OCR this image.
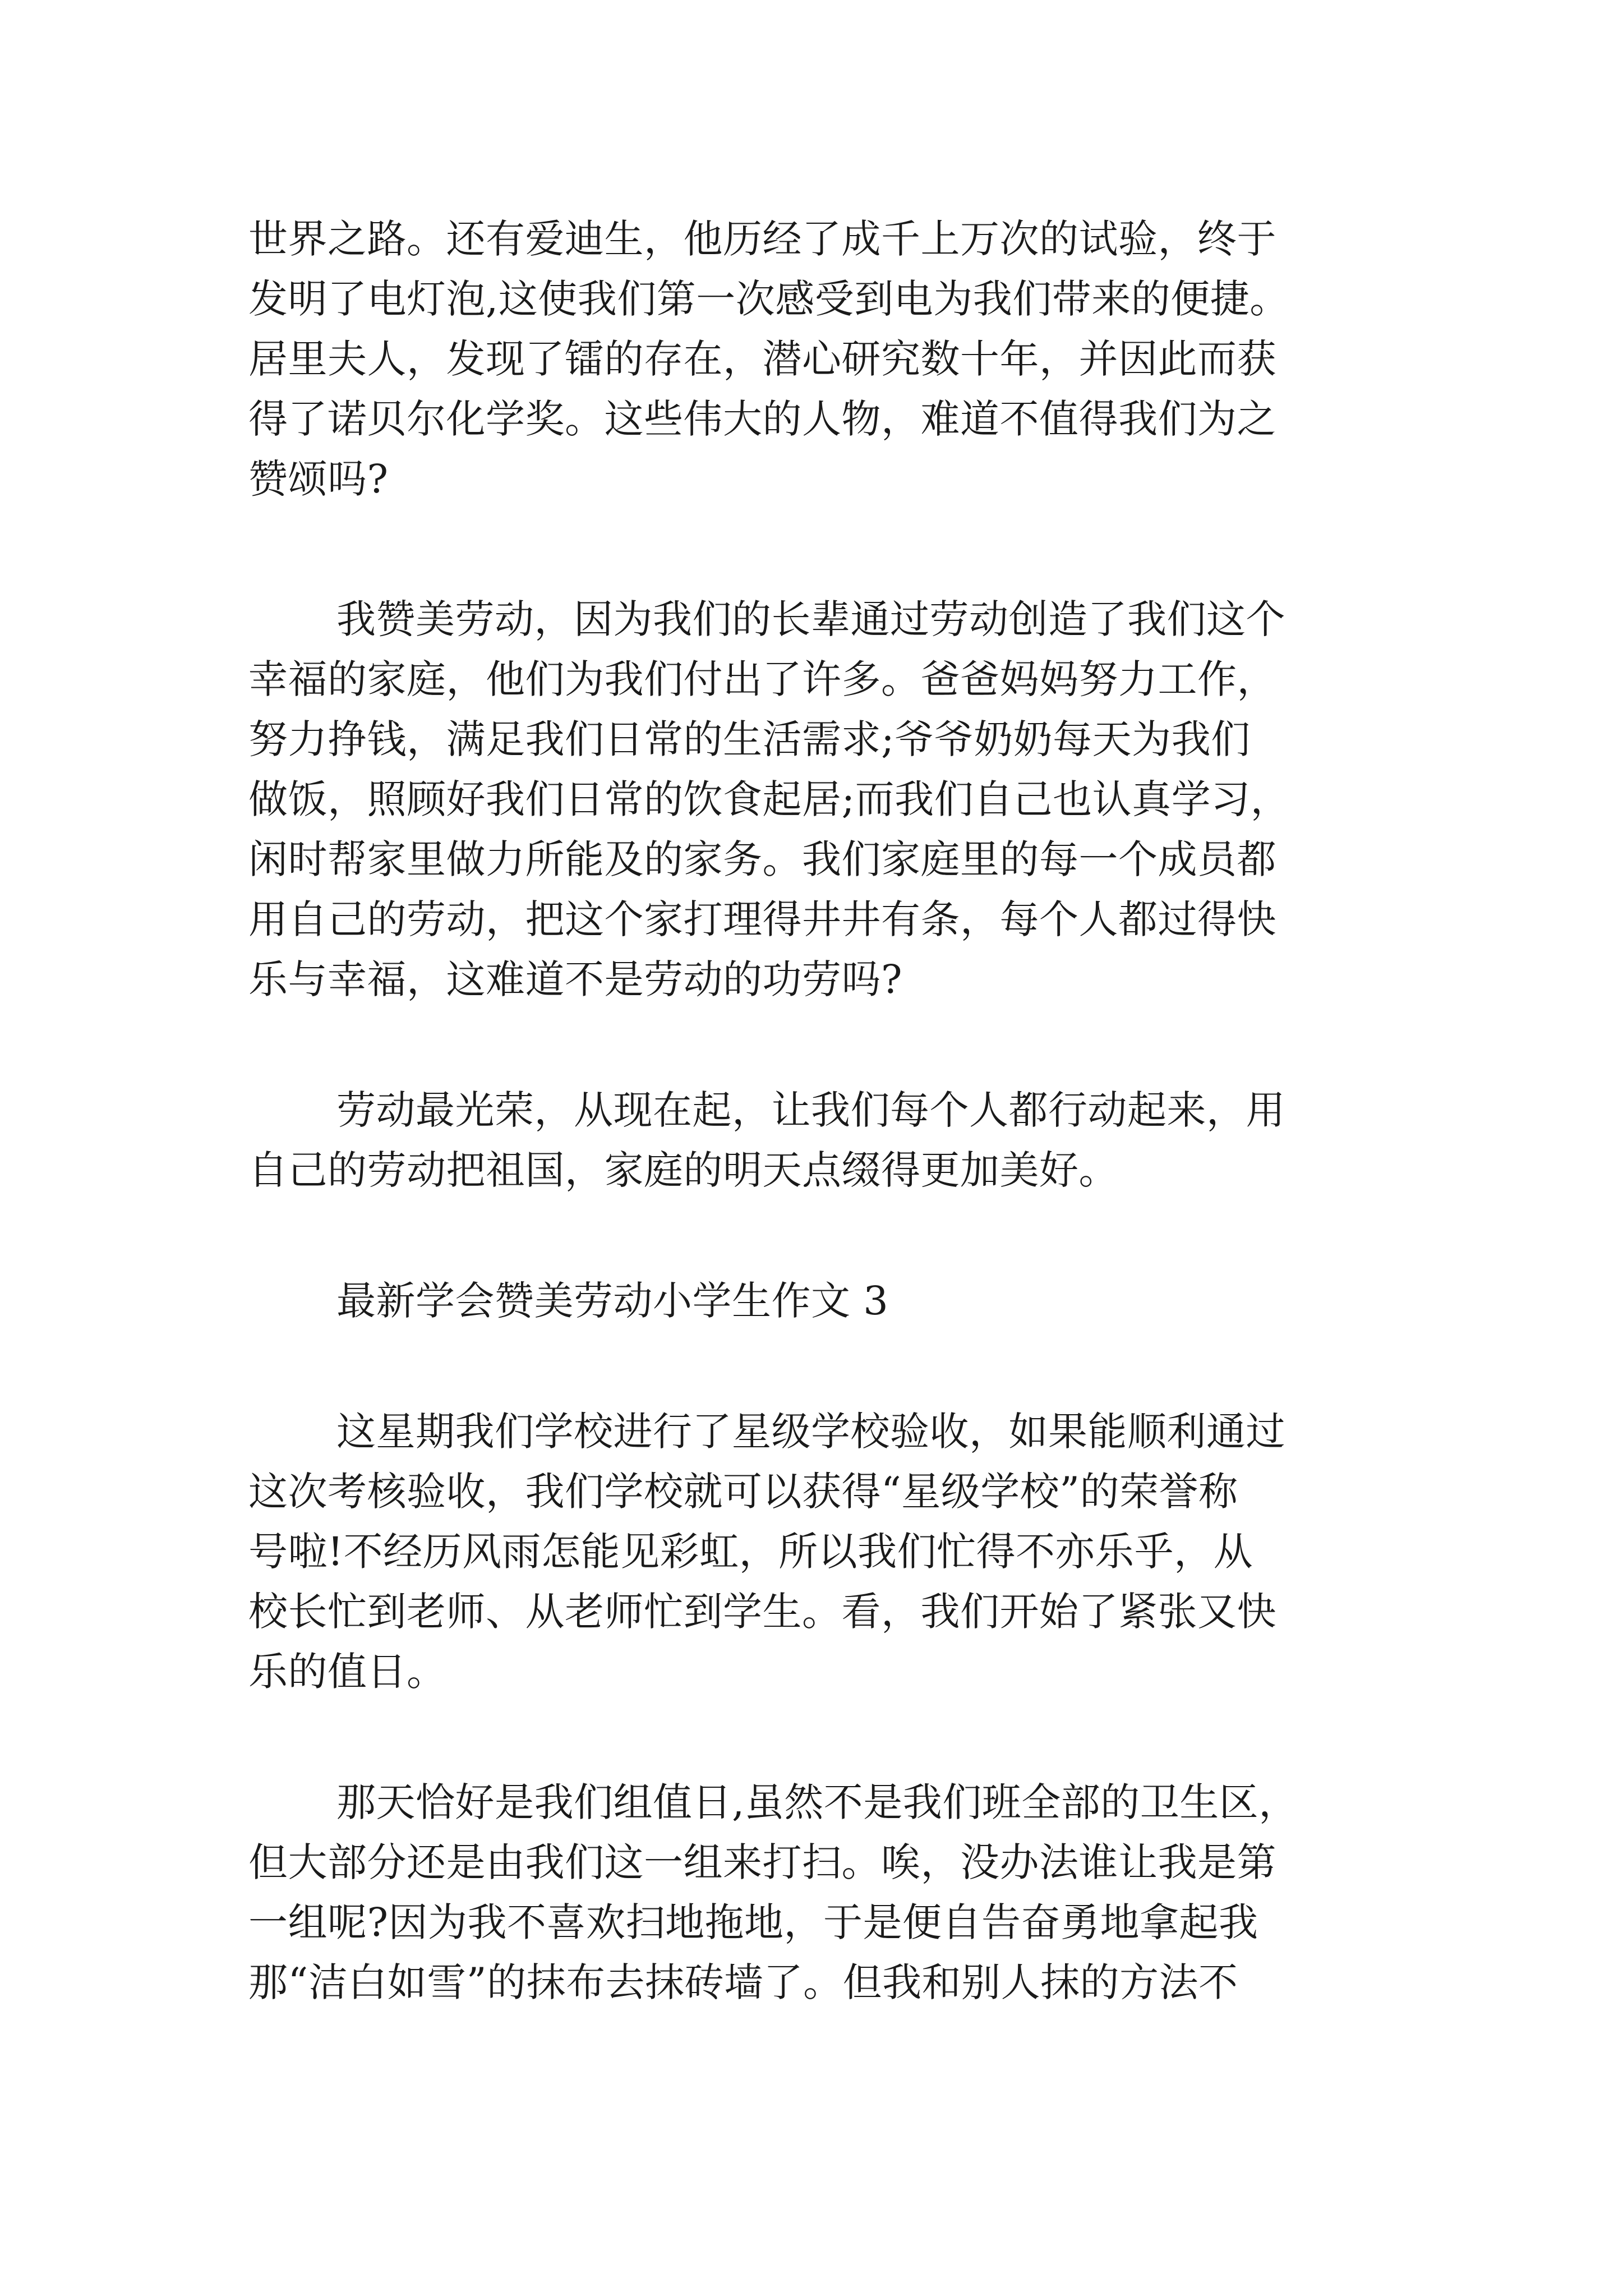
世界之路。还有爱迪生，他历经了成千上万次的试验，终于
发明了电灯泡,这使我们第一次感受到电为我们带来的便捷。
居里夫人，发现了镭的存在，潜心研究数十年，并因此而获
得了诺贝尔化学奖。这些伟大的人物，难道不值得我们为之
赞颂吗?
我赞美劳动，因为我们的长辈通过劳动创造了我们这个
幸福的家庭，他们为我们付出了许多。爸爸妈妈努力工作，
努力挣钱，满足我们日常的生活需求;爷爷奶奶每天为我们
做饭，照顾好我们日常的饮食起居;而我们自己也认真学习，
闲时帮家里做力所能及的家务。我们家庭里的每一个成员都
用自己的劳动，把这个家打理得井井有条，每个人都过得快
乐与幸福，这难道不是劳动的功劳吗?
劳动最光荣，从现在起，让我们每个人都行动起来，用
自己的劳动把祖国，家庭的明天点缀得更加美好。
最新学会赞美劳动小学生作文 3
这星期我们学校进行了星级学校验收，如果能顺利通过
这次考核验收，我们学校就可以获得“星级学校”的荣誉称
号啦!不经历风雨怎能见彩虹，所以我们忙得不亦乐乎，从
校长忙到老师、从老师忙到学生。看，我们开始了紧张又快
乐的值日。
那天恰好是我们组值日,虽然不是我们班全部的卫生区，
但大部分还是由我们这一组来打扫。唉，没办法谁让我是第
一组呢?因为我不喜欢扫地拖地，于是便自告奋勇地拿起我
那“洁白如雪”的抹布去抹砖墙了。但我和别人抹的方法不
